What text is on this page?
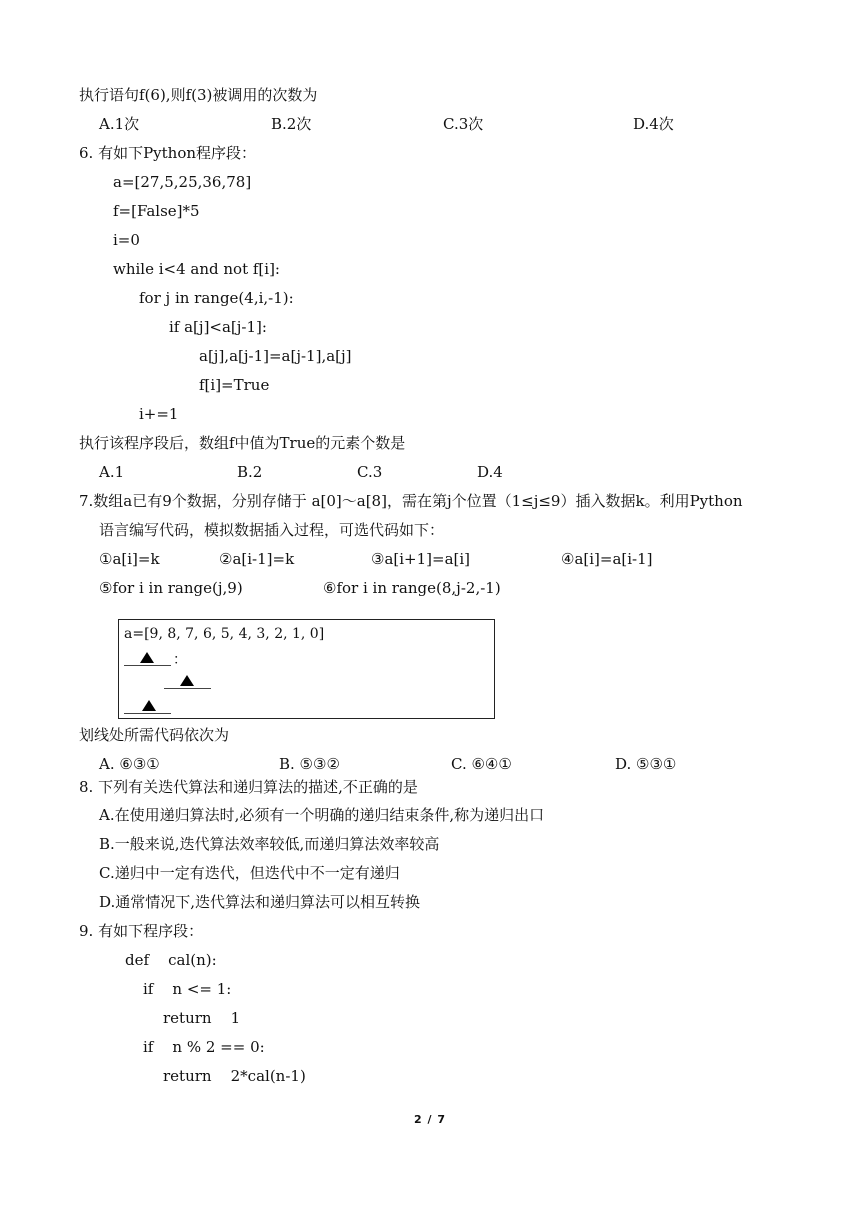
执行语句f(6),则f(3)被调用的次数为
A.1次	B.2次	C.3次	D.4次
6. 有如下Python程序段：
a=[27,5,25,36,78]
f=[False]*5
i=0
while i<4 and not f[i]:
for j in range(4,i,-1):
if a[j]<a[j-1]:
a[j],a[j-1]=a[j-1],a[j]
f[i]=True
i+=1
执行该程序段后，数组f中值为True的元素个数是
A.1	B.2	C.3	D.4
7.数组a已有9个数据，分别存储于 a[0]～a[8]，需在第j个位置（1≤j≤9）插入数据k。利用Python
语言编写代码，模拟数据插入过程，可选代码如下：
①a[i]=k	②a[i-1]=k	③a[i+1]=a[i]	④a[i]=a[i-1]
⑤for i in range(j,9)	⑥for i in range(8,j-2,-1)
a=[9, 8, 7, 6, 5, 4, 3, 2, 1, 0]
：
划线处所需代码依次为
A. ⑥③①	B. ⑤③②	C. ⑥④①	D. ⑤③①
8. 下列有关迭代算法和递归算法的描述,不正确的是
A.在使用递归算法时,必须有一个明确的递归结束条件,称为递归出口
B.一般来说,迭代算法效率较低,而递归算法效率较高
C.递归中一定有迭代，但迭代中不一定有递归
D.通常情况下,迭代算法和递归算法可以相互转换
9. 有如下程序段：
def    cal(n):
if    n <= 1:
return    1
if    n % 2 == 0:
return    2*cal(n-1)
2 / 7
